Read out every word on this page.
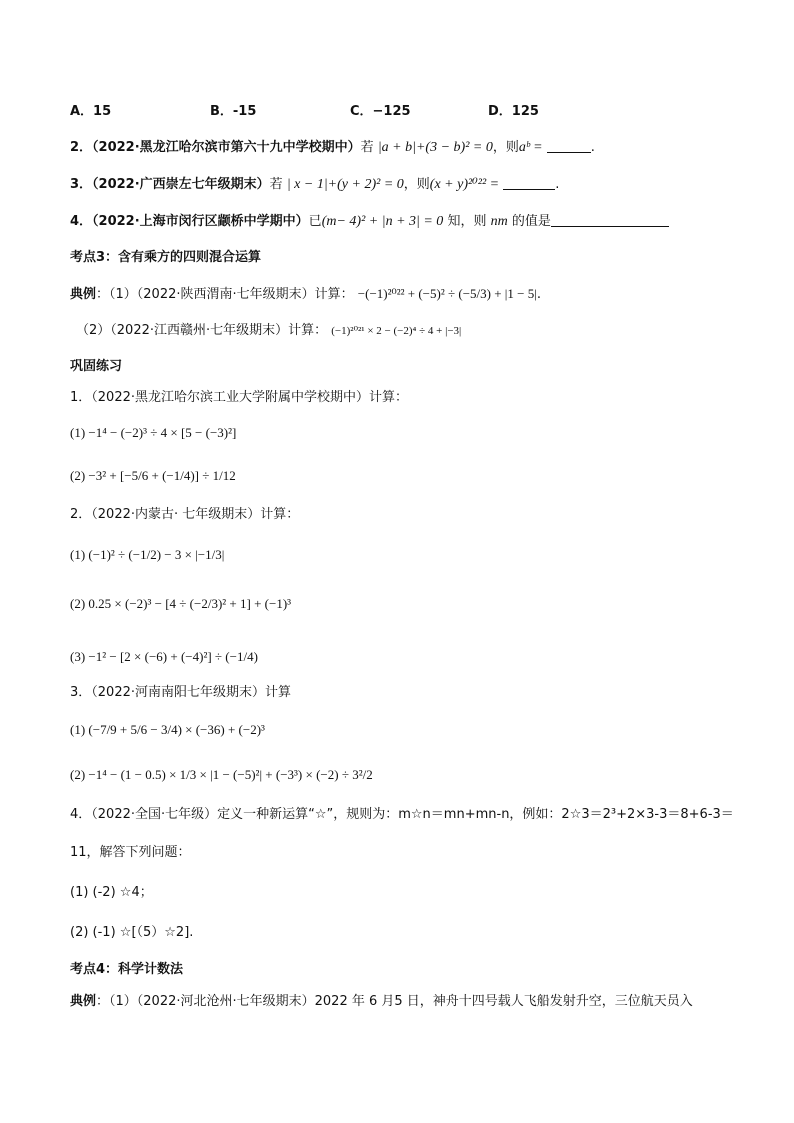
A．15	B．-15	C．−125	D．125
2．（2022·黑龙江哈尔滨市第六十九中学校期中）若 |a + b|+(3 − b)² = 0，则aᵇ =	.
3．（2022·广西崇左七年级期末）若 | x − 1|+(y + 2)² = 0，则(x + y)²⁰²² =	.
4．（2022·上海市闵行区颛桥中学期中）已(m− 4)² + |n + 3| = 0 知，则 nm 的值是
考点3：含有乘方的四则混合运算
典例：（1）（2022·陕西渭南·七年级期末）计算： −(−1)²⁰²² + (−5)² ÷ (−5/3) + |1 − 5|.
（2）（2022·江西赣州·七年级期末）计算： (−1)²⁰²¹ × 2 − (−2)⁴ ÷ 4 + |−3|
巩固练习
1．（2022·黑龙江哈尔滨工业大学附属中学校期中）计算：
(1) −1⁴ − (−2)³ ÷ 4 × [5 − (−3)²]
(2) −3² + [−5/6 + (−1/4)] ÷ 1/12
2．（2022·内蒙古· 七年级期末）计算：
(1) (−1)² ÷ (−1/2) − 3 × |−1/3|
(2) 0.25 × (−2)³ − [4 ÷ (−2/3)² + 1] + (−1)³
(3) −1² − [2 × (−6) + (−4)²] ÷ (−1/4)
3．（2022·河南南阳七年级期末）计算
(1) (−7/9 + 5/6 − 3/4) × (−36) + (−2)³
(2) −1⁴ − (1 − 0.5) × 1/3 × |1 − (−5)²| + (−3³) × (−2) ÷ 3²/2
4．（2022·全国·七年级）定义一种新运算“☆”，规则为：m☆n＝mn+mn-n，例如：2☆3＝2³+2×3-3＝8+6-3＝
11，解答下列问题：
(1) (-2) ☆4；
(2) (-1) ☆[（5）☆2].
考点4：科学计数法
典例：（1）（2022·河北沧州·七年级期末）2022 年 6 月5 日，神舟十四号载人飞船发射升空，三位航天员入
